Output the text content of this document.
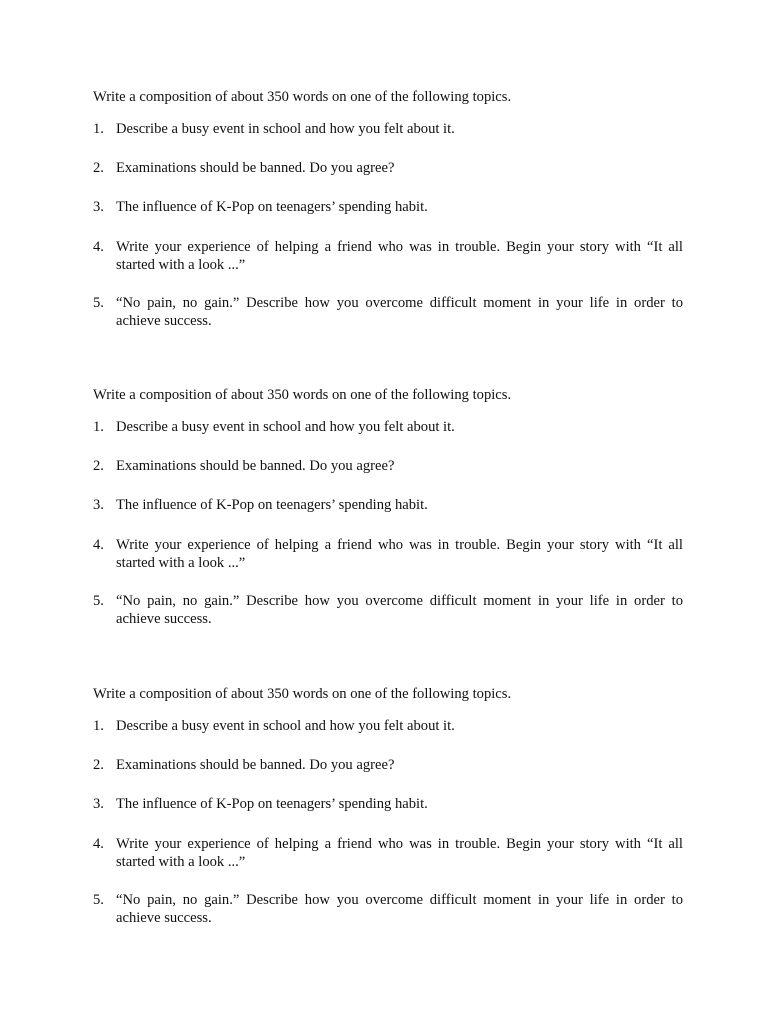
Write a composition of about 350 words on one of the following topics.

1. Describe a busy event in school and how you felt about it.
2. Examinations should be banned. Do you agree?
3. The influence of K-Pop on teenagers’ spending habit.
4. Write your experience of helping a friend who was in trouble. Begin your story with “It all started with a look ...”
5. “No pain, no gain.” Describe how you overcome difficult moment in your life in order to achieve success.

Write a composition of about 350 words on one of the following topics.

1. Describe a busy event in school and how you felt about it.
2. Examinations should be banned. Do you agree?
3. The influence of K-Pop on teenagers’ spending habit.
4. Write your experience of helping a friend who was in trouble. Begin your story with “It all started with a look ...”
5. “No pain, no gain.” Describe how you overcome difficult moment in your life in order to achieve success.

Write a composition of about 350 words on one of the following topics.

1. Describe a busy event in school and how you felt about it.
2. Examinations should be banned. Do you agree?
3. The influence of K-Pop on teenagers’ spending habit.
4. Write your experience of helping a friend who was in trouble. Begin your story with “It all started with a look ...”
5. “No pain, no gain.” Describe how you overcome difficult moment in your life in order to achieve success.
